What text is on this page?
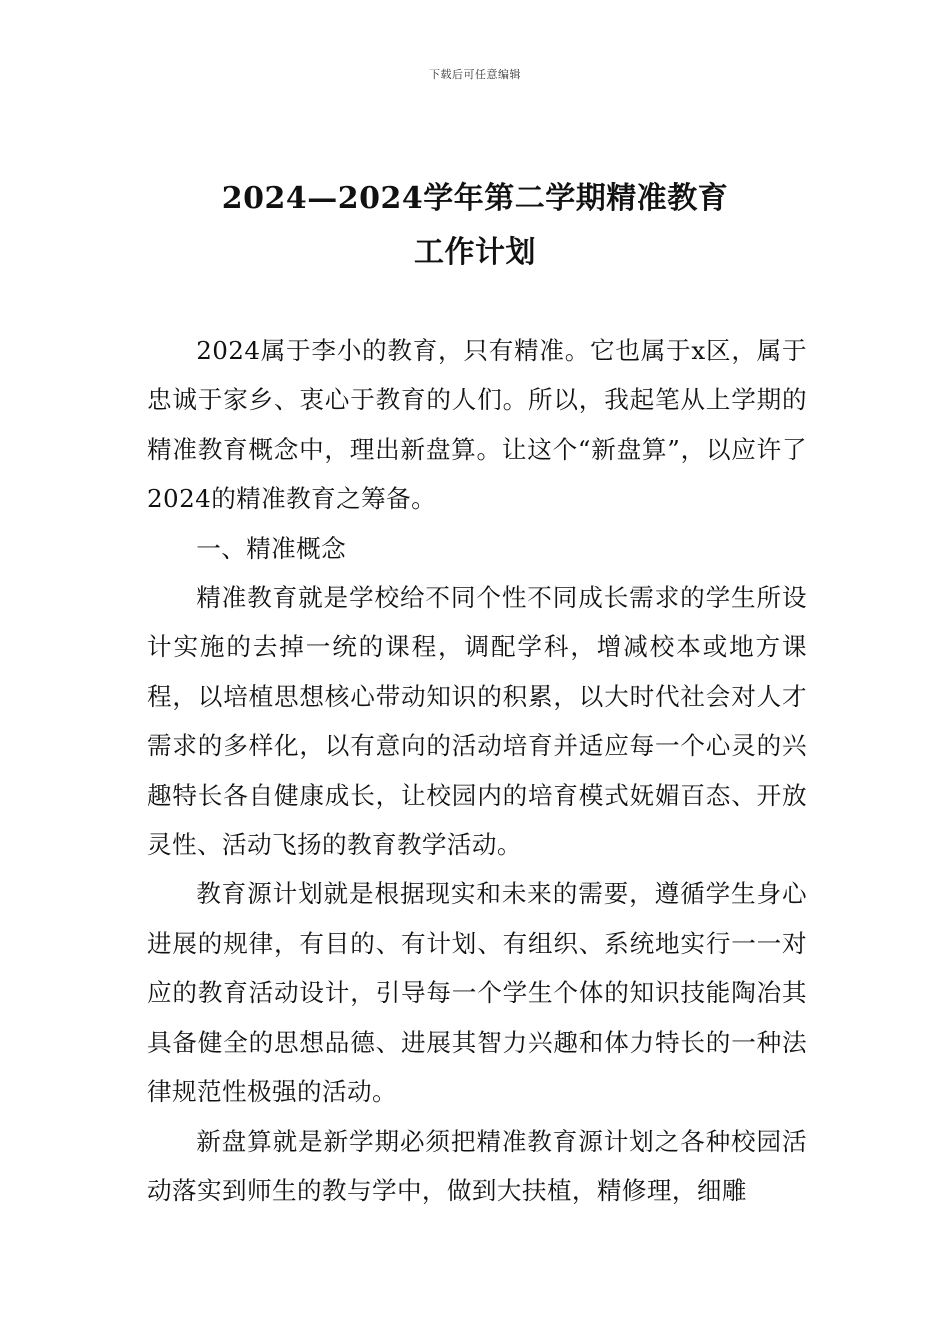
下载后可任意编辑
2024—2024学年第二学期精准教育
工作计划

2024属于李小的教育，只有精准。它也属于x区，属于忠诚于家乡、衷心于教育的人们。所以，我起笔从上学期的精准教育概念中，理出新盘算。让这个“新盘算”，以应许了2024的精准教育之筹备。

一、精准概念

精准教育就是学校给不同个性不同成长需求的学生所设计实施的去掉一统的课程，调配学科，增减校本或地方课程，以培植思想核心带动知识的积累，以大时代社会对人才需求的多样化，以有意向的活动培育并适应每一个心灵的兴趣特长各自健康成长，让校园内的培育模式妩媚百态、开放灵性、活动飞扬的教育教学活动。

教育源计划就是根据现实和未来的需要，遵循学生身心进展的规律，有目的、有计划、有组织、系统地实行一一对应的教育活动设计，引导每一个学生个体的知识技能陶冶其具备健全的思想品德、进展其智力兴趣和体力特长的一种法律规范性极强的活动。

新盘算就是新学期必须把精准教育源计划之各种校园活动落实到师生的教与学中，做到大扶植，精修理，细雕
